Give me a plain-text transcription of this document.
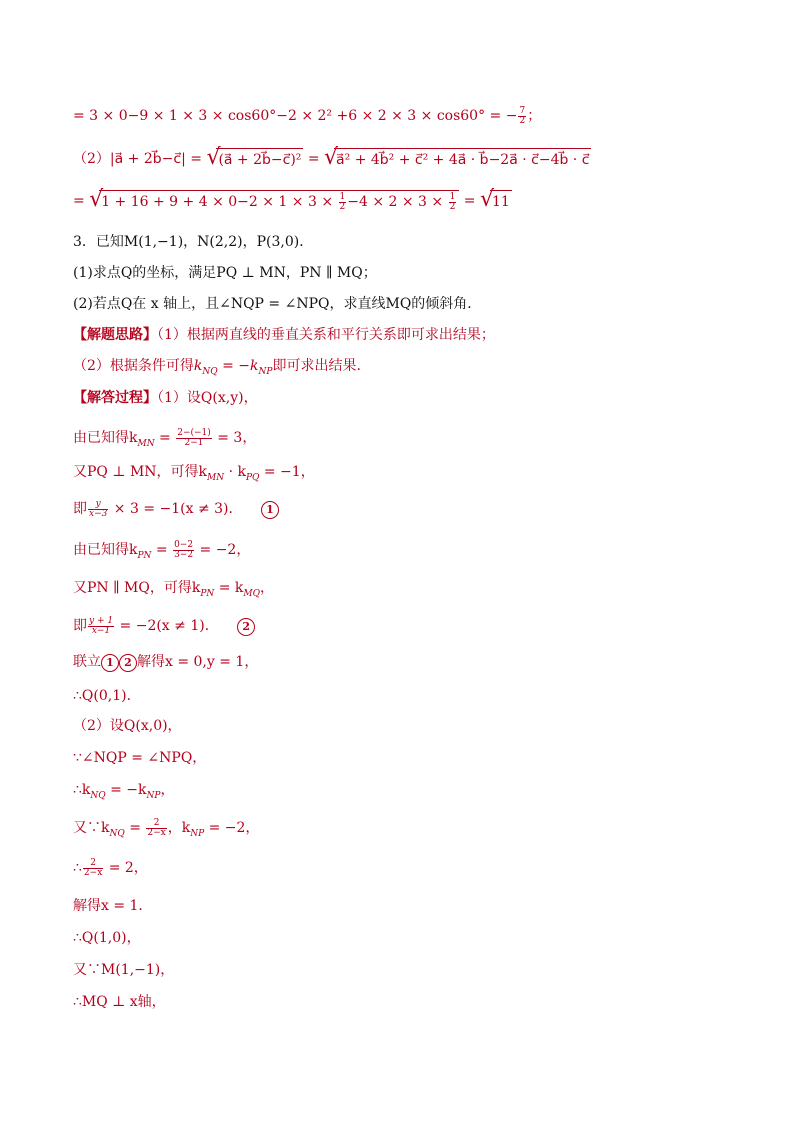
= 3 × 0−9 × 1 × 3 × cos60°−2 × 2² +6 × 2 × 3 × cos60° = − $\frac{7}{2}$ ；
（2）|a⃗ + 2b⃗−c⃗| = √
(a⃗ + 2b⃗−c⃗)² = √
a⃗² + 4b⃗² + c⃗² + 4a⃗ · b⃗−2a⃗ · c⃗−4b⃗ · c⃗
= √
$1 + 16 + 9 + 4 \times 0-2 \times 1 \times 3 \times \frac{1}{2} -4 \times 2 \times 3 \times \frac{1}{2}$ = √
11
3．已知M(1,−1)，N(2,2)，P(3,0)．
(1)求点Q的坐标，满足PQ ⊥ MN，PN ∥ MQ；
(2)若点Q在 x 轴上，且∠NQP = ∠NPQ，求直线MQ的倾斜角．
【解题思路】（1）根据两直线的垂直关系和平行关系即可求出结果；
（2）根据条件可得$k_{NQ} = -k_{NP}$即可求出结果.
【解答过程】（1）设Q(x,y)，
由已知得$k_{MN} = \frac{2-(-1)}{2-1} = 3$，
又PQ ⊥ MN，可得$k_{MN} \cdot k_{PQ} = -1$，
即 $\frac{y}{x-3} \times 3 = -1(x \ne 3)$． 1
由已知得$k_{PN} = \frac{0-2}{3-2} = -2$，
又PN ∥ MQ，可得$k_{PN} = k_{MQ}$，
即 $\frac{y + 1}{x-1} = -2(x \ne 1)$． 2
联立 1 2 解得x = 0,y = 1，
∴Q(0,1)．
（2）设Q(x,0)，
∵∠NQP = ∠NPQ，
$\therefore k_{NQ} = -k_{NP}$，
又$\because k_{NQ} = \frac{2}{2-x}$ ，$k_{NP} = -2$，
∴ $\frac{2}{2-x} = 2$，
解得x = 1．
∴Q(1,0)，
又∵M(1,−1)，
∴MQ ⊥ x轴，
